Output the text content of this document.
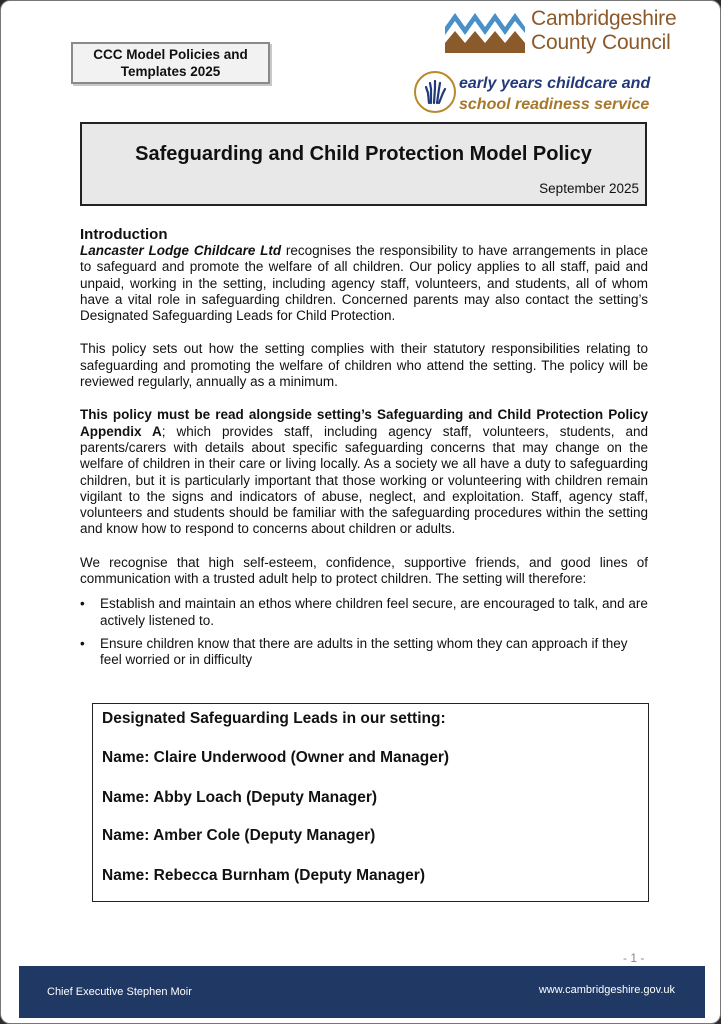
CCC Model Policies and
Templates 2025
Cambridgeshire
County Council
early years childcare and
school readiness service
Safeguarding and Child Protection Model Policy
September 2025
Introduction

Lancaster Lodge Childcare Ltd recognises the responsibility to have arrangements in place to safeguard and promote the welfare of all children. Our policy applies to all staff, paid and unpaid, working in the setting, including agency staff, volunteers, and students, all of whom have a vital role in safeguarding children. Concerned parents may also contact the setting’s Designated Safeguarding Leads for Child Protection.

This policy sets out how the setting complies with their statutory responsibilities relating to safeguarding and promoting the welfare of children who attend the setting. The policy will be reviewed regularly, annually as a minimum.

This policy must be read alongside setting’s Safeguarding and Child Protection Policy Appendix A; which provides staff, including agency staff, volunteers, students, and parents/carers with details about specific safeguarding concerns that may change on the welfare of children in their care or living locally. As a society we all have a duty to safeguarding children, but it is particularly important that those working or volunteering with children remain vigilant to the signs and indicators of abuse, neglect, and exploitation. Staff, agency staff, volunteers and students should be familiar with the safeguarding procedures within the setting and know how to respond to concerns about children or adults.

We recognise that high self-esteem, confidence, supportive friends, and good lines of communication with a trusted adult help to protect children. The setting will therefore:

• Establish and maintain an ethos where children feel secure, are encouraged to talk, and are actively listened to.
• Ensure children know that there are adults in the setting whom they can approach if they feel worried or in difficulty
Designated Safeguarding Leads in our setting:
Name: Claire Underwood (Owner and Manager)
Name: Abby Loach (Deputy Manager)
Name: Amber Cole (Deputy Manager)
Name: Rebecca Burnham (Deputy Manager)
- 1 -
Chief Executive Stephen Moir	www.cambridgeshire.gov.uk
